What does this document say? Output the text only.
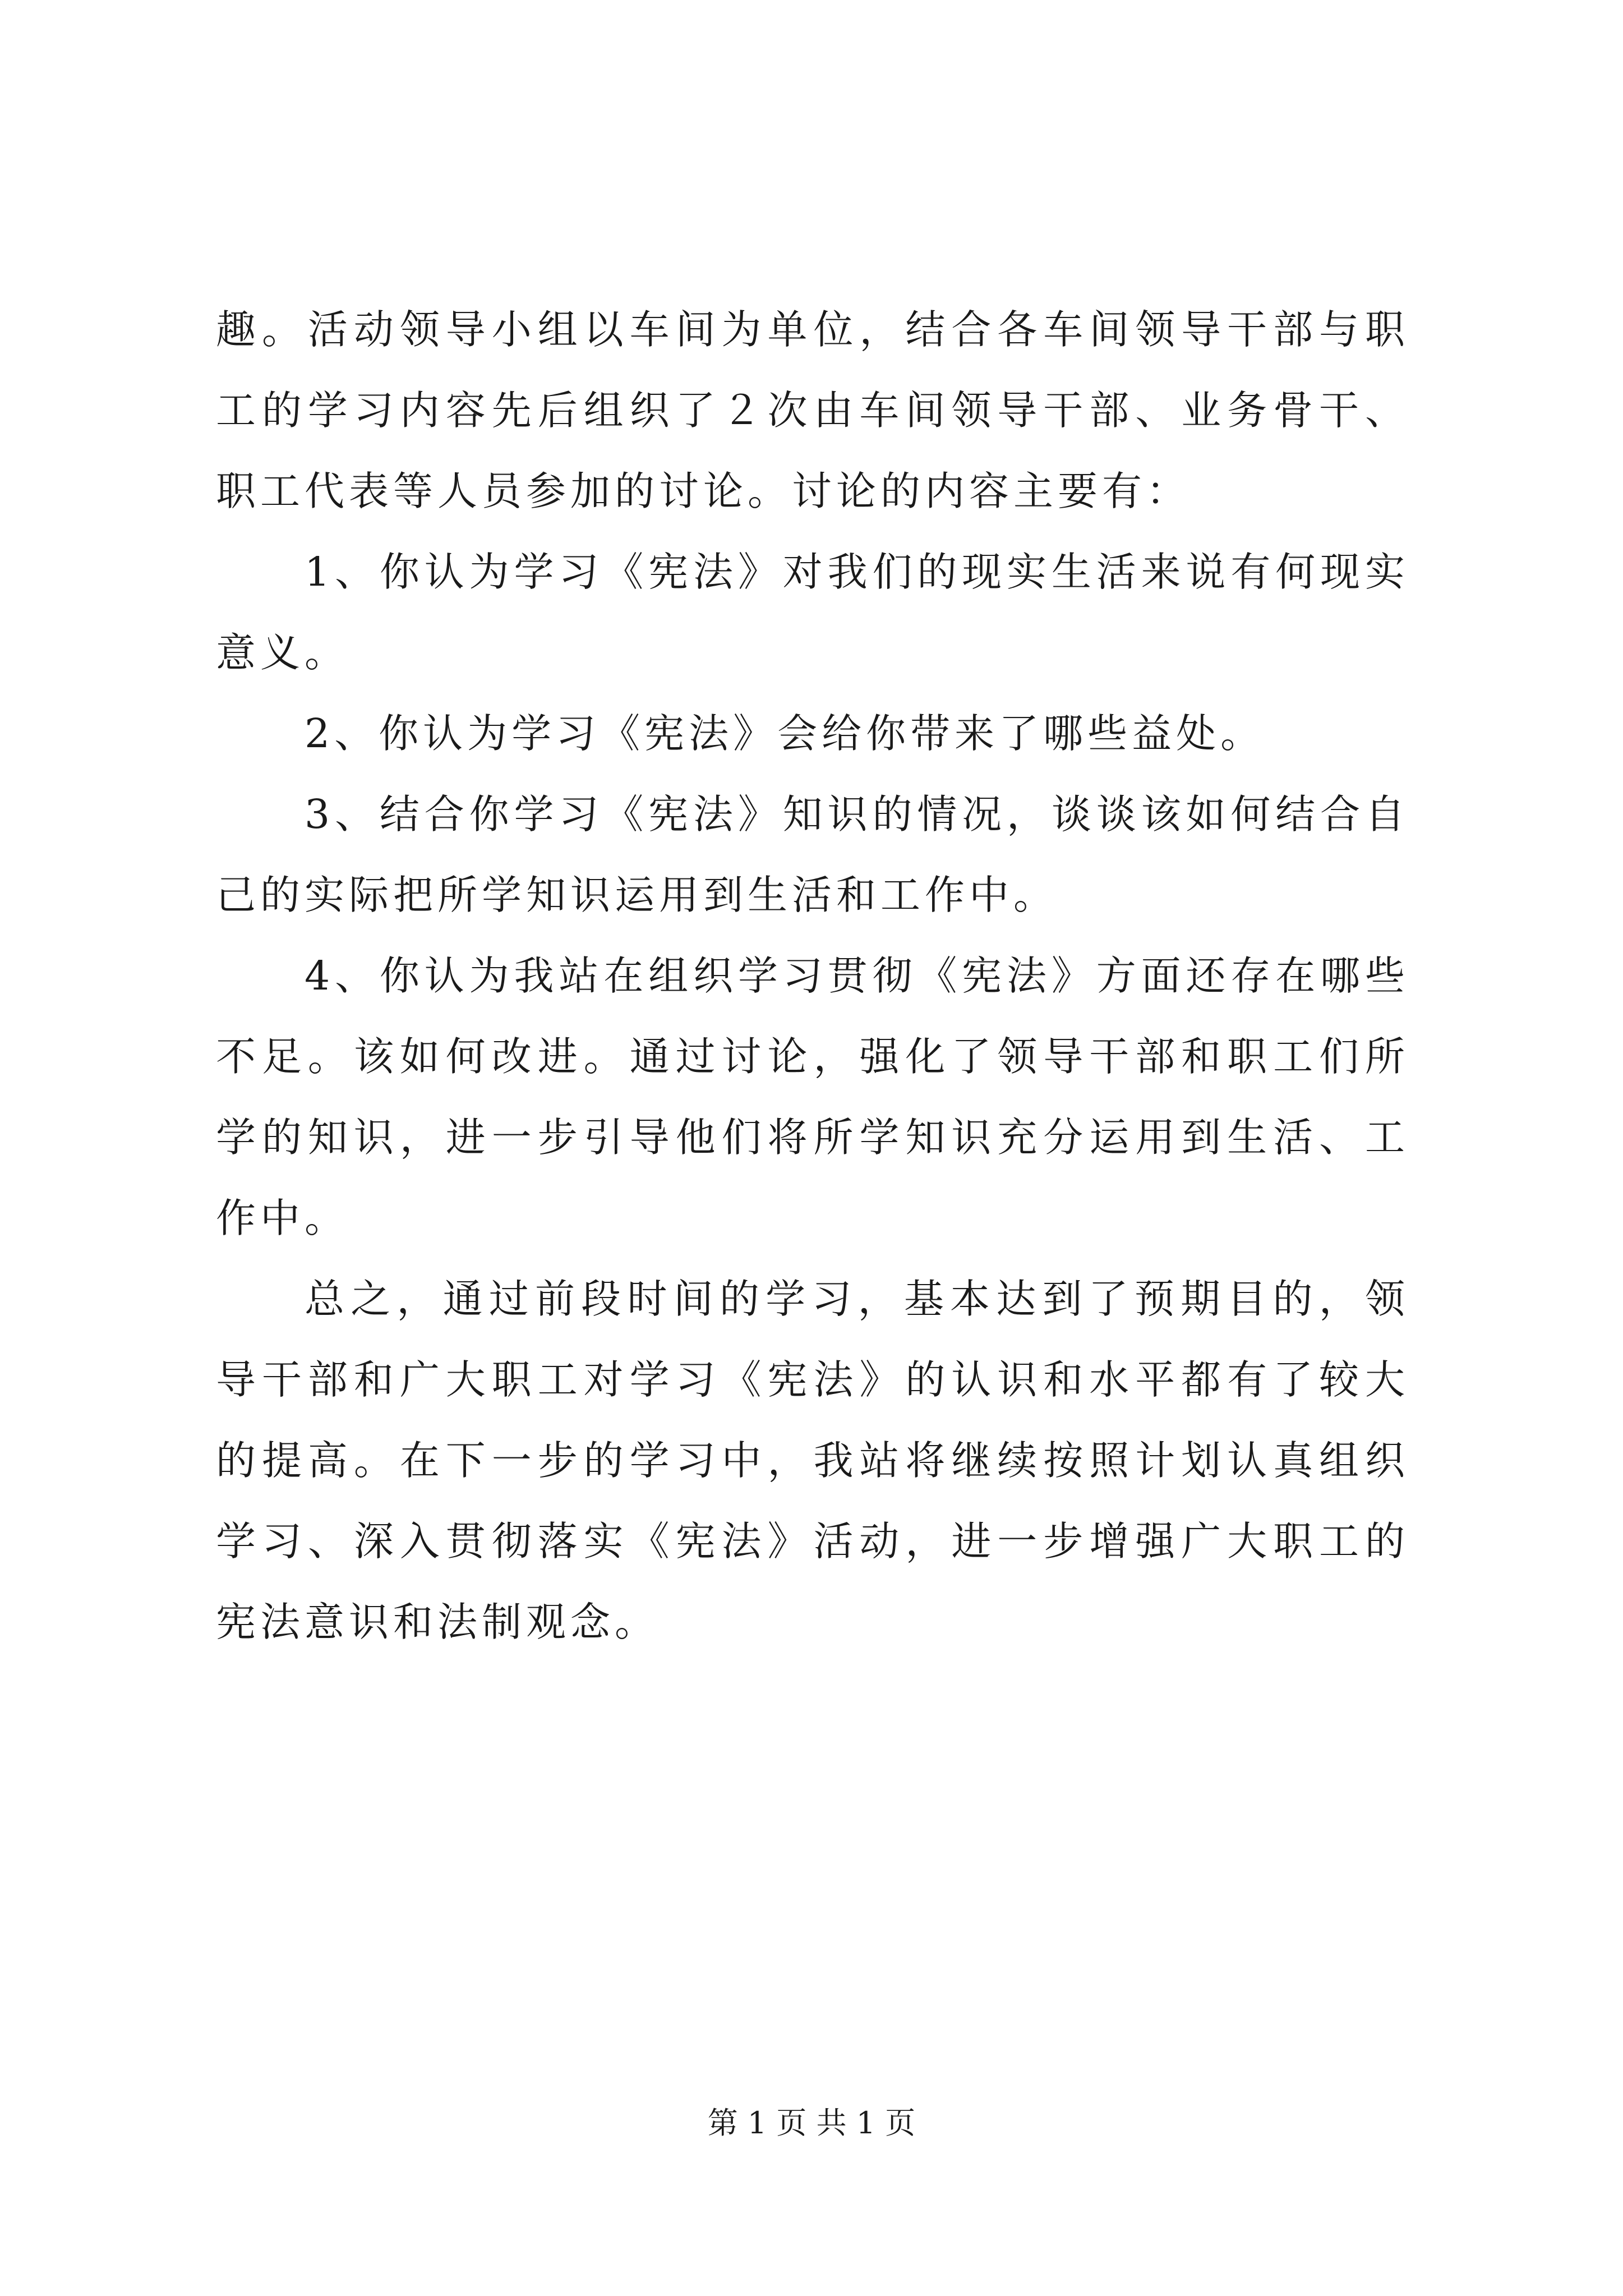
趣。活动领导小组以车间为单位，结合各车间领导干部与职工的学习内容先后组织了２次由车间领导干部、业务骨干、职工代表等人员参加的讨论。讨论的内容主要有：

1、你认为学习《宪法》对我们的现实生活来说有何现实意义。

2、你认为学习《宪法》会给你带来了哪些益处。

3、结合你学习《宪法》知识的情况，谈谈该如何结合自己的实际把所学知识运用到生活和工作中。

4、你认为我站在组织学习贯彻《宪法》方面还存在哪些不足。该如何改进。通过讨论，强化了领导干部和职工们所学的知识，进一步引导他们将所学知识充分运用到生活、工作中。

总之，通过前段时间的学习，基本达到了预期目的，领导干部和广大职工对学习《宪法》的认识和水平都有了较大的提高。在下一步的学习中，我站将继续按照计划认真组织学习、深入贯彻落实《宪法》活动，进一步增强广大职工的宪法意识和法制观念。

第 1 页 共 1 页
